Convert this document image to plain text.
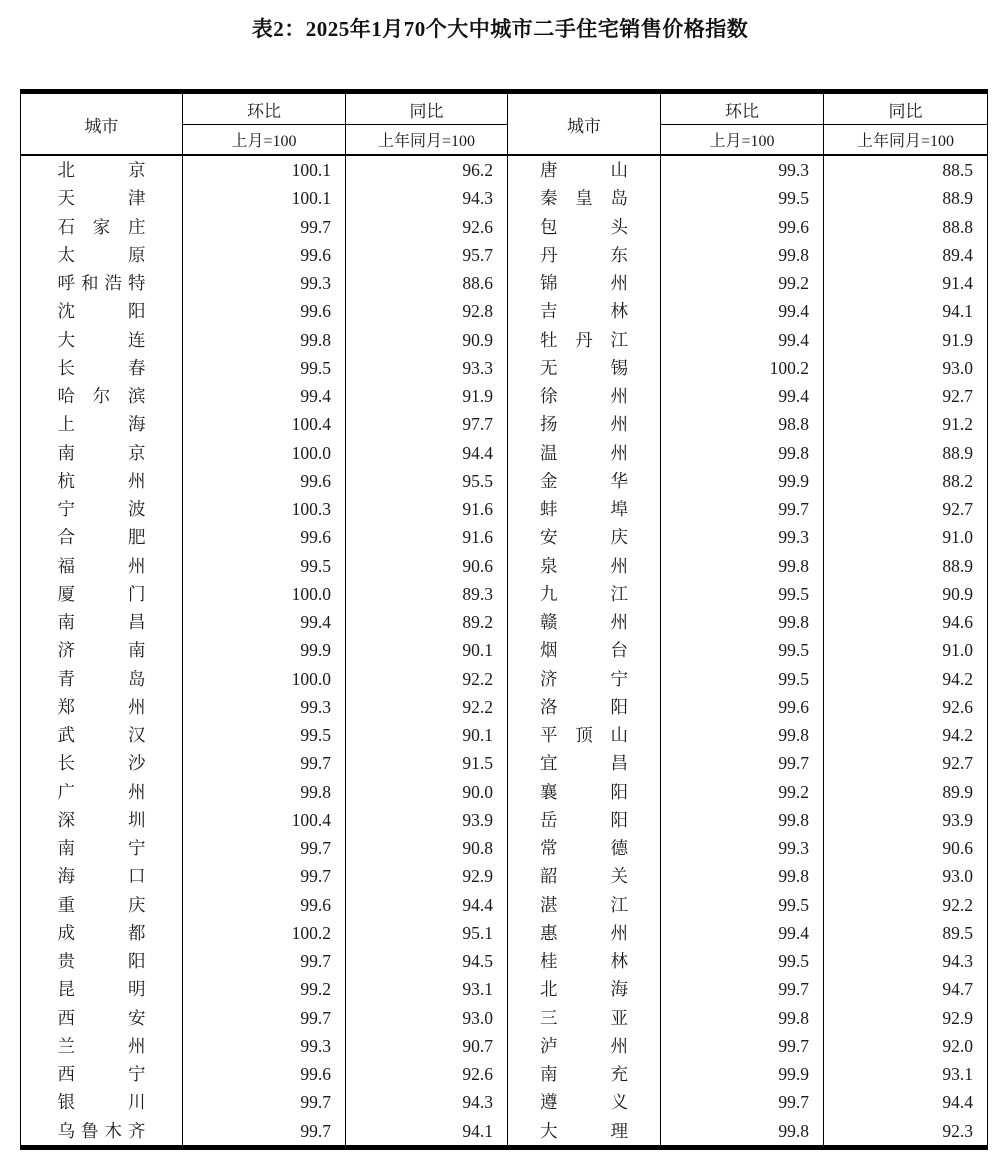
表2：2025年1月70个大中城市二手住宅销售价格指数
城市	环比	同比	城市	环比	同比
	上月=100	上年同月=100		上月=100	上年同月=100

北京	100.1	96.2	唐山	99.3	88.5

天津	100.1	94.3	秦皇岛	99.5	88.9

石家庄	99.7	92.6	包头	99.6	88.8

太原	99.6	95.7	丹东	99.8	89.4

呼和浩特	99.3	88.6	锦州	99.2	91.4

沈阳	99.6	92.8	吉林	99.4	94.1

大连	99.8	90.9	牡丹江	99.4	91.9

长春	99.5	93.3	无锡	100.2	93.0

哈尔滨	99.4	91.9	徐州	99.4	92.7

上海	100.4	97.7	扬州	98.8	91.2

南京	100.0	94.4	温州	99.8	88.9

杭州	99.6	95.5	金华	99.9	88.2

宁波	100.3	91.6	蚌埠	99.7	92.7

合肥	99.6	91.6	安庆	99.3	91.0

福州	99.5	90.6	泉州	99.8	88.9

厦门	100.0	89.3	九江	99.5	90.9

南昌	99.4	89.2	赣州	99.8	94.6

济南	99.9	90.1	烟台	99.5	91.0

青岛	100.0	92.2	济宁	99.5	94.2

郑州	99.3	92.2	洛阳	99.6	92.6

武汉	99.5	90.1	平顶山	99.8	94.2

长沙	99.7	91.5	宜昌	99.7	92.7

广州	99.8	90.0	襄阳	99.2	89.9

深圳	100.4	93.9	岳阳	99.8	93.9

南宁	99.7	90.8	常德	99.3	90.6

海口	99.7	92.9	韶关	99.8	93.0

重庆	99.6	94.4	湛江	99.5	92.2

成都	100.2	95.1	惠州	99.4	89.5

贵阳	99.7	94.5	桂林	99.5	94.3

昆明	99.2	93.1	北海	99.7	94.7

西安	99.7	93.0	三亚	99.8	92.9

兰州	99.3	90.7	泸州	99.7	92.0

西宁	99.6	92.6	南充	99.9	93.1

银川	99.7	94.3	遵义	99.7	94.4

乌鲁木齐	99.7	94.1	大理	99.8	92.3
